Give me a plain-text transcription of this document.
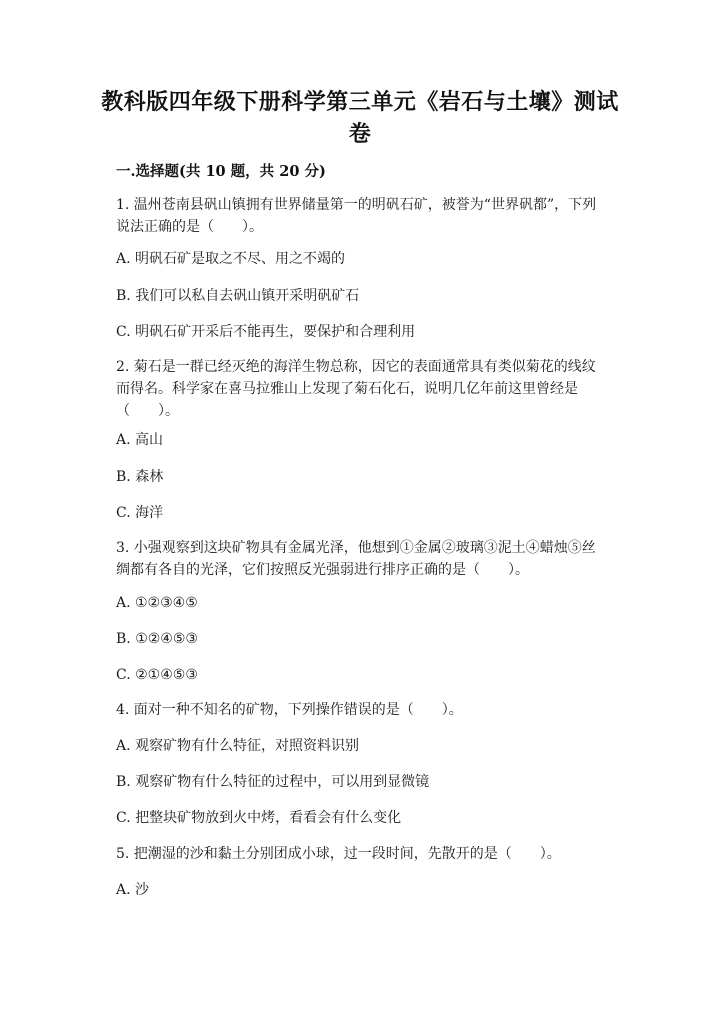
教科版四年级下册科学第三单元《岩石与土壤》测试卷
一.选择题(共 10 题，共 20 分)
1. 温州苍南县矾山镇拥有世界储量第一的明矾石矿，被誉为“世界矾都”，下列说法正确的是（　　）。
A. 明矾石矿是取之不尽、用之不竭的
B. 我们可以私自去矾山镇开采明矾矿石
C. 明矾石矿开采后不能再生，要保护和合理利用
2. 菊石是一群已经灭绝的海洋生物总称，因它的表面通常具有类似菊花的线纹而得名。科学家在喜马拉雅山上发现了菊石化石，说明几亿年前这里曾经是（　　）。
A. 高山
B. 森林
C. 海洋
3. 小强观察到这块矿物具有金属光泽，他想到①金属②玻璃③泥土④蜡烛⑤丝绸都有各自的光泽，它们按照反光强弱进行排序正确的是（　　）。
A. ①②③④⑤
B. ①②④⑤③
C. ②①④⑤③
4. 面对一种不知名的矿物，下列操作错误的是（　　）。
A. 观察矿物有什么特征，对照资料识别
B. 观察矿物有什么特征的过程中，可以用到显微镜
C. 把整块矿物放到火中烤，看看会有什么变化
5. 把潮湿的沙和黏土分别团成小球，过一段时间，先散开的是（　　）。
A. 沙
